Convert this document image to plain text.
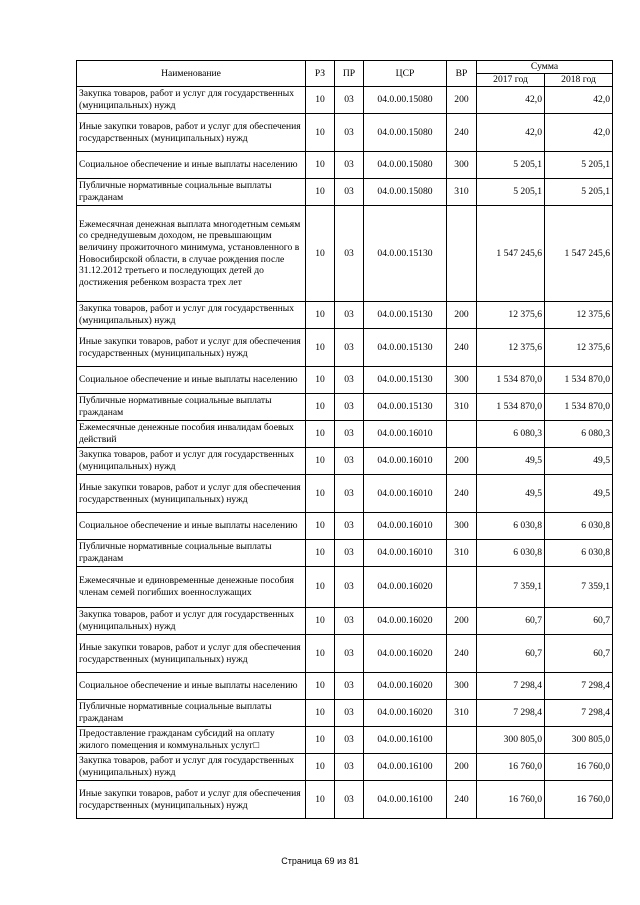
Наименование	РЗ	ПР	ЦСР	ВР	Сумма	
					2017 год	2018 год
Закупка товаров, работ и услуг для государственных (муниципальных) нужд	10	03	04.0.00.15080	200	42,0	42,0
Иные закупки товаров, работ и услуг для обеспечения государственных (муниципальных) нужд	10	03	04.0.00.15080	240	42,0	42,0
Социальное обеспечение и иные выплаты населению	10	03	04.0.00.15080	300	5 205,1	5 205,1
Публичные нормативные социальные выплаты гражданам	10	03	04.0.00.15080	310	5 205,1	5 205,1
Ежемесячная денежная выплата многодетным семьям со среднедушевым доходом, не превышающим величину прожиточного минимума, установленного в Новосибирской области, в случае рождения после 31.12.2012 третьего и последующих детей до достижения ребенком возраста трех лет	10	03	04.0.00.15130		1 547 245,6	1 547 245,6
Закупка товаров, работ и услуг для государственных (муниципальных) нужд	10	03	04.0.00.15130	200	12 375,6	12 375,6
Иные закупки товаров, работ и услуг для обеспечения государственных (муниципальных) нужд	10	03	04.0.00.15130	240	12 375,6	12 375,6
Социальное обеспечение и иные выплаты населению	10	03	04.0.00.15130	300	1 534 870,0	1 534 870,0
Публичные нормативные социальные выплаты гражданам	10	03	04.0.00.15130	310	1 534 870,0	1 534 870,0
Ежемесячные денежные пособия инвалидам боевых действий	10	03	04.0.00.16010		6 080,3	6 080,3
Закупка товаров, работ и услуг для государственных (муниципальных) нужд	10	03	04.0.00.16010	200	49,5	49,5
Иные закупки товаров, работ и услуг для обеспечения государственных (муниципальных) нужд	10	03	04.0.00.16010	240	49,5	49,5
Социальное обеспечение и иные выплаты населению	10	03	04.0.00.16010	300	6 030,8	6 030,8
Публичные нормативные социальные выплаты гражданам	10	03	04.0.00.16010	310	6 030,8	6 030,8
Ежемесячные и единовременные денежные пособия членам семей погибших военнослужащих	10	03	04.0.00.16020		7 359,1	7 359,1
Закупка товаров, работ и услуг для государственных (муниципальных) нужд	10	03	04.0.00.16020	200	60,7	60,7
Иные закупки товаров, работ и услуг для обеспечения государственных (муниципальных) нужд	10	03	04.0.00.16020	240	60,7	60,7
Социальное обеспечение и иные выплаты населению	10	03	04.0.00.16020	300	7 298,4	7 298,4
Публичные нормативные социальные выплаты гражданам	10	03	04.0.00.16020	310	7 298,4	7 298,4
Предоставление гражданам субсидий на оплату жилого помещения и коммунальных услуг□	10	03	04.0.00.16100		300 805,0	300 805,0
Закупка товаров, работ и услуг для государственных (муниципальных) нужд	10	03	04.0.00.16100	200	16 760,0	16 760,0
Иные закупки товаров, работ и услуг для обеспечения государственных (муниципальных) нужд	10	03	04.0.00.16100	240	16 760,0	16 760,0
Страница 69 из 81
